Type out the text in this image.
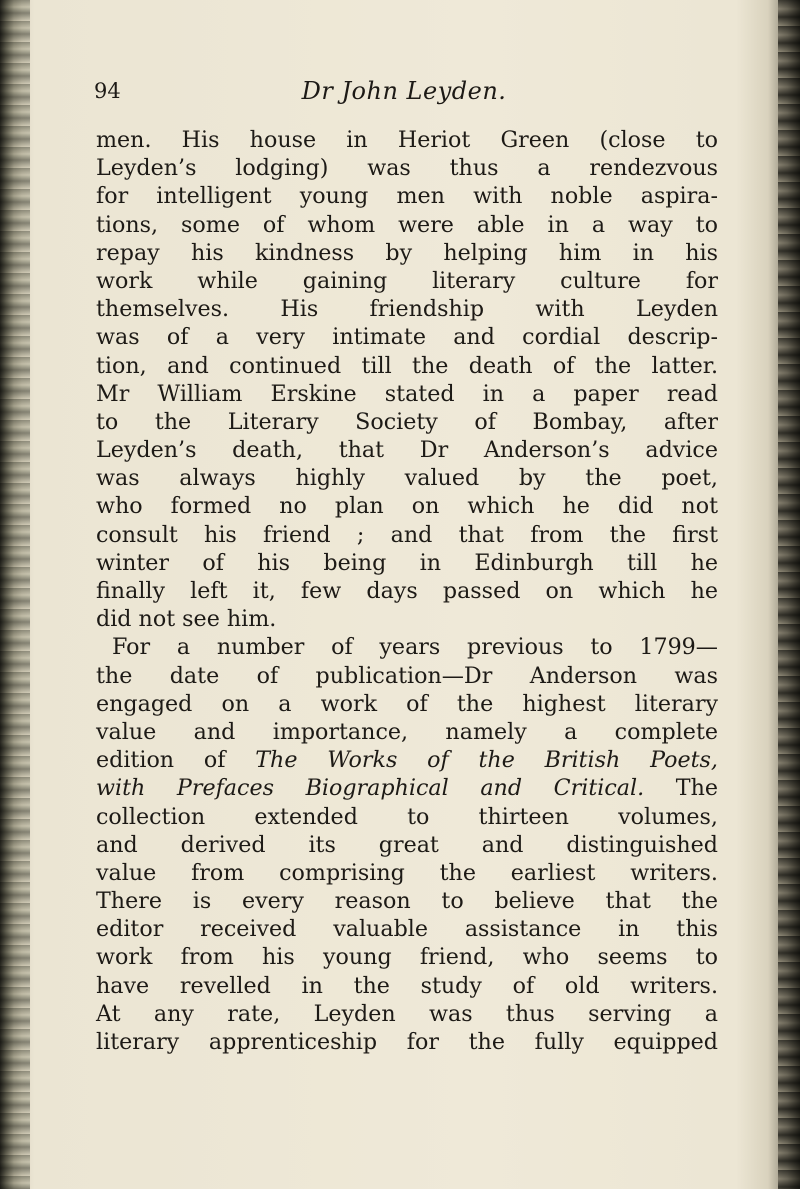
94	Dr John Leyden.
men. His house in Heriot Green (close to
Leyden’s lodging) was thus a rendezvous
for intelligent young men with noble aspira-
tions, some of whom were able in a way to
repay his kindness by helping him in his
work while gaining literary culture for
themselves. His friendship with Leyden
was of a very intimate and cordial descrip-
tion, and continued till the death of the latter.
Mr William Erskine stated in a paper read
to the Literary Society of Bombay, after
Leyden’s death, that Dr Anderson’s advice
was always highly valued by the poet,
who formed no plan on which he did not
consult his friend ; and that from the first
winter of his being in Edinburgh till he
finally left it, few days passed on which he
did not see him.
For a number of years previous to 1799—
the date of publication—Dr Anderson was
engaged on a work of the highest literary
value and importance, namely a complete
edition of The Works of the British Poets,
with Prefaces Biographical and Critical. The
collection extended to thirteen volumes,
and derived its great and distinguished
value from comprising the earliest writers.
There is every reason to believe that the
editor received valuable assistance in this
work from his young friend, who seems to
have revelled in the study of old writers.
At any rate, Leyden was thus serving a
literary apprenticeship for the fully equipped
